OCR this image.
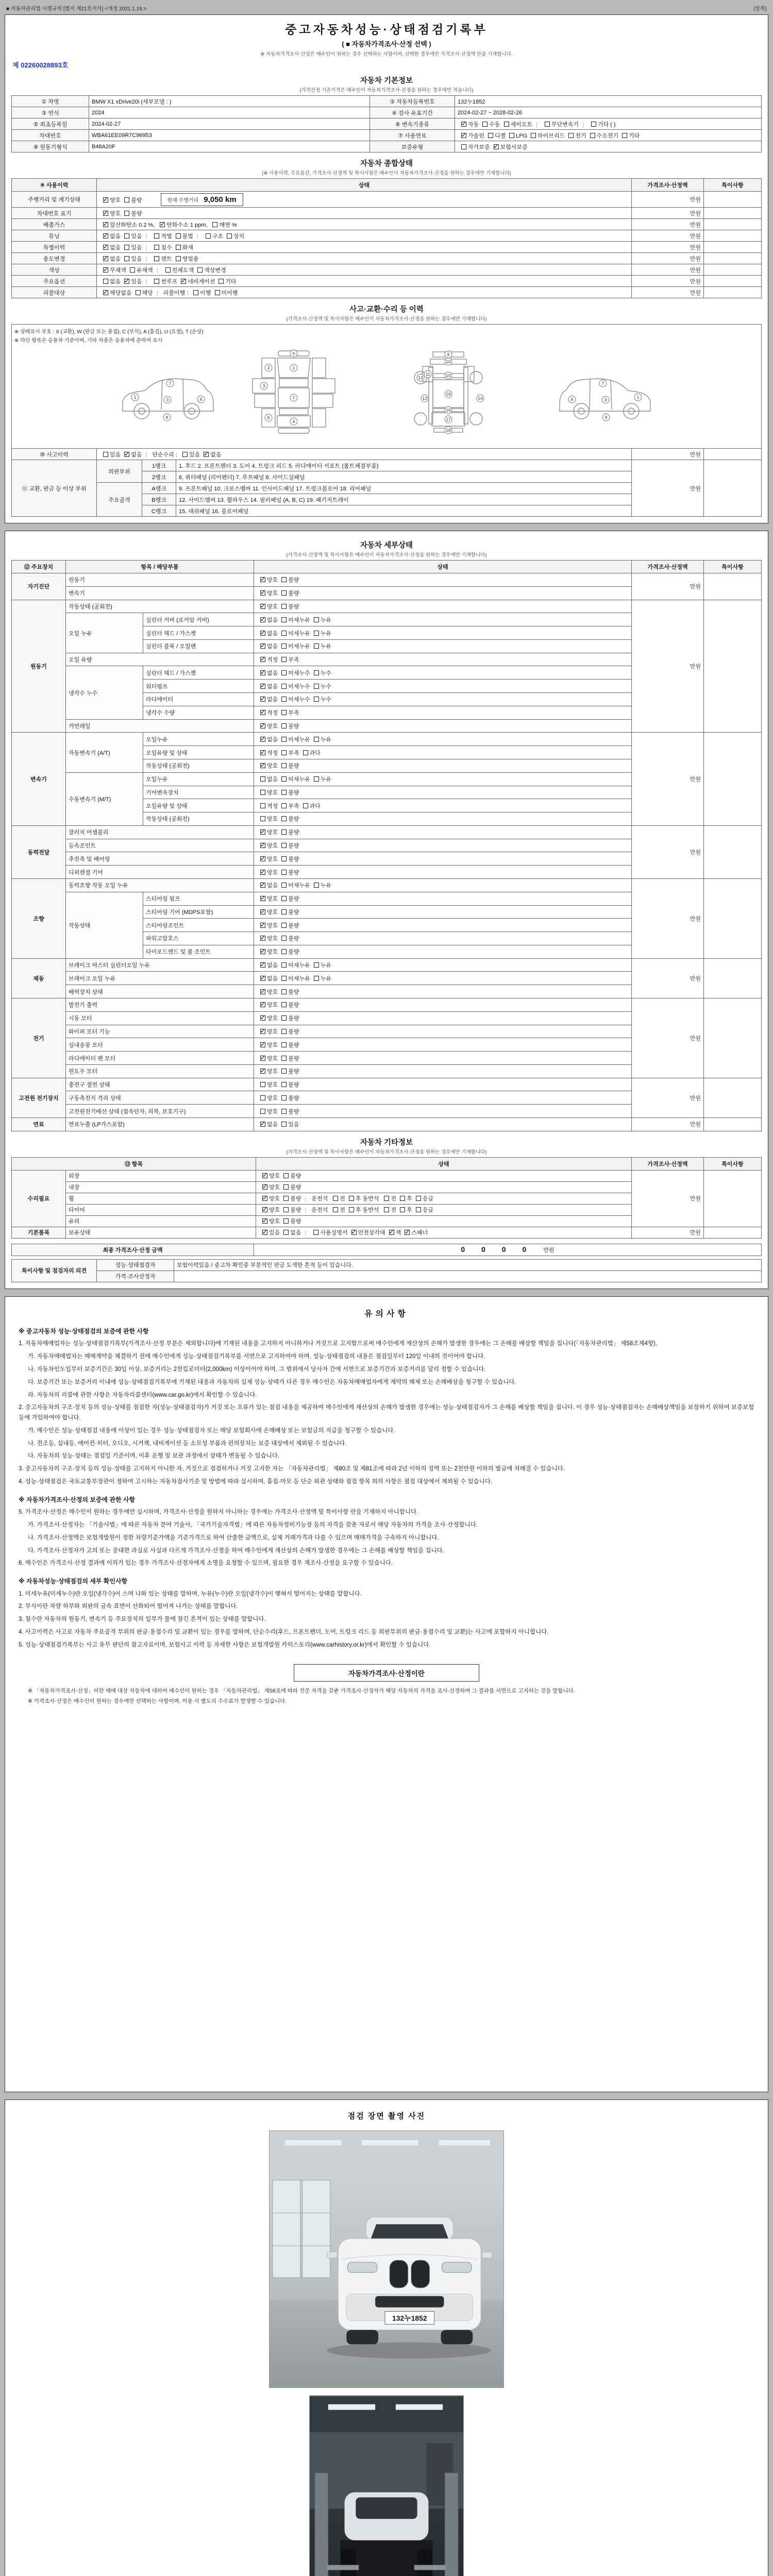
■ 자동차관리법 시행규칙 [별지 제21호서식] <개정 2021.1.19.>	(앞쪽)
중고자동차성능·상태점검기록부
( ■ 자동차가격조사·산정 선택 )
※ 자동차가격조사·산정은 매수인이 원하는 경우 선택하는 사항이며, 선택한 경우에만 가격조사·산정액 란을 기재합니다.
제 02260028893호
자동차 기본정보
(가격산정 기준가격은 매수인이 자동차가격조사·산정을 원하는 경우에만 적습니다)
① 차명	BMW X1 xDrive20i (세부모델 : )	② 자동차등록번호	132누1852
③ 연식	2024	④ 검사 유효기간	2024-02-27 ~ 2028-02-26
⑤ 최초등록일	2024-02-27	⑥ 변속기종류	✓자동 수동 세미오토 | 무단변속기 | 기타 ( )
차대번호	WBA61EE09R7C96953	⑦ 사용연료	✓가솔린 디젤 LPG 하이브리드 전기 수소전기 기타
⑧ 원동기형식	B48A20F	보증유형	자가보증 ✓ 보험사보증
자동차 종합상태
(※ 사용이력, 주요옵션, 가격조사·산정액 및 특이사항은 매수인이 자동차가격조사·산정을 원하는 경우에만 기재합니다)
⑨ 사용이력	상태	가격조사·산정액	특이사항
주행거리 및 계기상태	✓양호 불량 현재 주행거리 9,050 km	만원	
차대번호 표기	✓양호 불량	만원	
배출가스	✓일산화탄소 0.2 %, ✓ 탄화수소 1 ppm, 매연 %	만원	
튜닝	✓없음 있음 | 적법 불법 | 구조 장치	만원	
특별이력	✓없음 있음 | 침수 화재	만원	
용도변경	✓없음 있음 | 렌트 영업용	만원	
색상	✓무채색 유채색 | 전체도색 색상변경	만원	
주요옵션	없음 ✓ 있음 | 썬루프 ✓ 네비게이션 기타	만원	
리콜대상	✓해당없음 해당 | 리콜이행 : 이행 미이행	만원	
사고·교환·수리 등 이력
(가격조사·산정액 및 특이사항은 매수인이 자동차가격조사·산정을 원하는 경우에만 기재합니다)
※ 상태표시 부호 : X (교환), W (판금 또는 용접), C (부식), A (흠집), U (요철), T (손상)
※ 하단 항목은 승용차 기준이며, 기타 차종은 승용차에 준하여 표시
1	3
7
8
6
1
2
3
7
4
6
5	9
10
11
12
13	15
16
17
19
18
14	1
3
7
8
6

⑩ 사고이력	있음 ✓ 없음 | 단순수리 : 있음 ✓ 없음			만원	
⑪ 교환, 판금 등 이상 부위	외판부위	1랭크	1. 후드 2. 프론트펜더 3. 도어 4. 트렁크 리드 5. 라디에이터 서포트 (볼트체결부품)	만원	
		2랭크	6. 쿼터패널 (리어펜더) 7. 루프패널 8. 사이드실패널		
	주요골격	A랭크	9. 프론트패널 10. 크로스멤버 11. 인사이드패널 17. 트렁크플로어 18. 리어패널		
		B랭크	12. 사이드멤버 13. 휠하우스 14. 필러패널 (A, B, C) 19. 패키지트레이		
		C랭크	15. 대쉬패널 16. 플로어패널		
자동차 세부상태
(가격조사·산정액 및 특이사항은 매수인이 자동차가격조사·산정을 원하는 경우에만 기재합니다)
⑫ 주요장치	항목 / 해당부품		상태	가격조사·산정액	특이사항
자기진단	원동기	✓양호 불량	만원	
	변속기	✓양호 불량
원동기	작동상태 (공회전)	✓양호 불량	만원	
	오일 누유	실린더 커버 (로커암 커버)	✓없음 미세누유 누유
		실린더 헤드 / 가스켓	✓없음 미세누유 누유
		실린더 블록 / 오일팬	✓없음 미세누유 누유
	오일 유량	✓적정 부족
	냉각수 누수	실린더 헤드 / 가스켓	✓없음 미세누수 누수
		워터펌프	✓없음 미세누수 누수
		라디에이터	✓없음 미세누수 누수
		냉각수 수량	✓적정 부족
	커먼레일	✓양호 불량
변속기	자동변속기 (A/T)	오일누유	✓없음 미세누유 누유	만원	
		오일유량 및 상태	✓적정 부족 과다
		작동상태 (공회전)	✓양호 불량
	수동변속기 (M/T)	오일누유	없음 미세누유 누유		
		기어변속장치	양호 불량		
		오일유량 및 상태	적정 부족 과다		
		작동상태 (공회전)	양호 불량		
동력전달	클러치 어셈블리	✓양호 불량	만원	
	등속조인트	✓양호 불량
	추진축 및 베어링	✓양호 불량
	디퍼렌셜 기어	✓양호 불량
조향	동력조향 작동 오일 누유	✓없음 미세누유 누유	만원	
	작동상태	스티어링 펌프	✓양호 불량
		스티어링 기어 (MDPS포함)	✓양호 불량
		스티어링조인트	✓양호 불량
		파워고압호스	✓양호 불량
		타이로드엔드 및 볼 조인트	✓양호 불량
제동	브레이크 마스터 실린더오일 누유	✓없음 미세누유 누유	만원	
	브레이크 오일 누유	✓없음 미세누유 누유
	배력장치 상태	✓양호 불량
전기	발전기 출력	✓양호 불량	만원	
	시동 모터	✓양호 불량
	와이퍼 모터 기능	✓양호 불량
	실내송풍 모터	✓양호 불량
	라디에이터 팬 모터	✓양호 불량
	윈도우 모터	✓양호 불량
고전원 전기장치	충전구 절연 상태		양호 불량	만원	
	구동축전지 격리 상태		양호 불량		
	고전원전기배선 상태 (접속단자, 피복, 보호기구)		양호 불량		
연료	연료누출 (LP가스포함)	✓없음 있음	만원	
자동차 기타정보
(가격조사·산정액 및 특이사항은 매수인이 자동차가격조사·산정을 원하는 경우에만 기재합니다)
⑬ 항목		상태	가격조사·산정액	특이사항
수리필요	외장	✓양호 불량	만원	
	내장	✓양호 불량
	휠	✓양호 불량 | 운전석 전 후 동반석 전 후 응급
	타이어	✓양호 불량 | 운전석 전 후 동반석 전 후 응급
	유리	✓양호 불량
기본품목	보유상태	✓있음 없음 | 사용설명서 ✓ 안전삼각대 ✓ 잭 ✓ 스패너	만원	
최종 가격조사·산정 금액	0 0 0 0 만원
특이사항 및 점검자의 의견	성능·상태점검자	보험이력있음 / 중고차 확인중 부분적인 판금 도색한 흔적 등이 있습니다.
	가격·조사산정자	
유의사항
※ 중고자동차 성능·상태점검의 보증에 관한 사항
1. 자동차매매업자는 성능·상태점검기록부(가격조사·산정 부분은 제외합니다)에 기재된 내용을 고지하지 아니하거나 거짓으로 고지함으로써 매수인에게 재산상의 손해가 발생한 경우에는 그 손해를 배상할 책임을 집니다(「자동차관리법」 제58조제4항).
가. 자동차매매업자는 매매계약을 체결하기 전에 매수인에게 성능·상태점검기록부를 서면으로 고지하여야 하며, 성능·상태점검의 내용은 점검일부터 120일 이내의 것이어야 합니다.
나. 자동차인도일부터 보증기간은 30일 이상, 보증거리는 2천킬로미터(2,000km) 이상이어야 하며, 그 범위에서 당사자 간에 서면으로 보증기간과 보증거리를 달리 정할 수 있습니다.
다. 보증기간 또는 보증거리 이내에 성능·상태점검기록부에 기재된 내용과 자동차의 실제 성능·상태가 다른 경우 매수인은 자동차매매업자에게 계약의 해제 또는 손해배상을 청구할 수 있습니다.
라. 자동차의 리콜에 관한 사항은 자동차리콜센터(www.car.go.kr)에서 확인할 수 있습니다.
2. 중고자동차의 구조·장치 등의 성능·상태를 점검한 자(성능·상태점검자)가 거짓 또는 오류가 있는 점검 내용을 제공하여 매수인에게 재산상의 손해가 발생한 경우에는 성능·상태점검자가 그 손해를 배상할 책임을 집니다. 이 경우 성능·상태점검자는 손해배상책임을 보장하기 위하여 보증보험 등에 가입하여야 합니다.
가. 매수인은 성능·상태점검 내용에 이상이 있는 경우 성능·상태점검자 또는 해당 보험회사에 손해배상 또는 보험금의 지급을 청구할 수 있습니다.
나. 전조등, 실내등, 에어컨·히터, 오디오, 시거잭, 내비게이션 등 소모성 부품과 편의장치는 보증 대상에서 제외될 수 있습니다.
다. 자동차의 성능·상태는 점검일 기준이며, 이후 운행 및 보관 과정에서 상태가 변동될 수 있습니다.
3. 중고자동차의 구조·장치 등의 성능·상태를 고지하지 아니한 자, 거짓으로 점검하거나 거짓 고지한 자는 「자동차관리법」 제80조 및 제81조에 따라 2년 이하의 징역 또는 2천만원 이하의 벌금에 처해질 수 있습니다.
4. 성능·상태점검은 국토교통부장관이 정하여 고시하는 자동차검사기준 및 방법에 따라 실시하며, 흠집·마모 등 단순 외관 상태와 점검 항목 외의 사항은 점검 대상에서 제외될 수 있습니다.
※ 자동차가격조사·산정의 보증에 관한 사항
5. 가격조사·산정은 매수인이 원하는 경우에만 실시하며, 가격조사·산정을 원하지 아니하는 경우에는 가격조사·산정액 및 특이사항 란을 기재하지 아니합니다.
가. 가격조사·산정자는 「기술사법」에 따른 자동차 분야 기술사, 「국가기술자격법」에 따른 자동차정비기능장 등의 자격을 갖춘 자로서 해당 자동차의 가격을 조사·산정합니다.
나. 가격조사·산정액은 보험개발원이 정한 차량기준가액을 기준가격으로 하여 산출한 금액으로, 실제 거래가격과 다를 수 있으며 매매가격을 구속하지 아니합니다.
다. 가격조사·산정자가 고의 또는 중대한 과실로 사실과 다르게 가격조사·산정을 하여 매수인에게 재산상의 손해가 발생한 경우에는 그 손해를 배상할 책임을 집니다.
6. 매수인은 가격조사·산정 결과에 이의가 있는 경우 가격조사·산정자에게 소명을 요청할 수 있으며, 필요한 경우 재조사·산정을 요구할 수 있습니다.
※ 자동차성능·상태점검의 세부 확인사항
1. 미세누유(미세누수)란 오일(냉각수)이 스며 나와 있는 상태를 말하며, 누유(누수)란 오일(냉각수)이 맺혀서 떨어지는 상태를 말합니다.
2. 부식이란 차량 하부와 외판의 금속 표면이 산화되어 떨어져 나가는 상태를 말합니다.
3. 침수란 자동차의 원동기, 변속기 등 주요장치의 일부가 물에 잠긴 흔적이 있는 상태를 말합니다.
4. 사고이력은 사고로 자동차 주요골격 부위의 판금·용접수리 및 교환이 있는 경우를 말하며, 단순수리(후드, 프론트펜더, 도어, 트렁크 리드 등 외판부위의 판금·용접수리 및 교환)는 사고에 포함하지 아니합니다.
5. 성능·상태점검기록부는 사고 유무 판단의 참고자료이며, 보험사고 이력 등 자세한 사항은 보험개발원 카히스토리(www.carhistory.or.kr)에서 확인할 수 있습니다.
자동차가격조사·산정이란
※ 「자동차가격조사·산정」이란 매매 대상 자동차에 대하여 매수인이 원하는 경우 「자동차관리법」 제58조에 따라 전문 자격을 갖춘 가격조사·산정자가 해당 자동차의 가격을 조사·산정하여 그 결과를 서면으로 고지하는 것을 말합니다.
※ 가격조사·산정은 매수인이 원하는 경우에만 선택하는 사항이며, 이용 시 별도의 수수료가 발생할 수 있습니다.
점검 장면 촬영 사진
132누1852
